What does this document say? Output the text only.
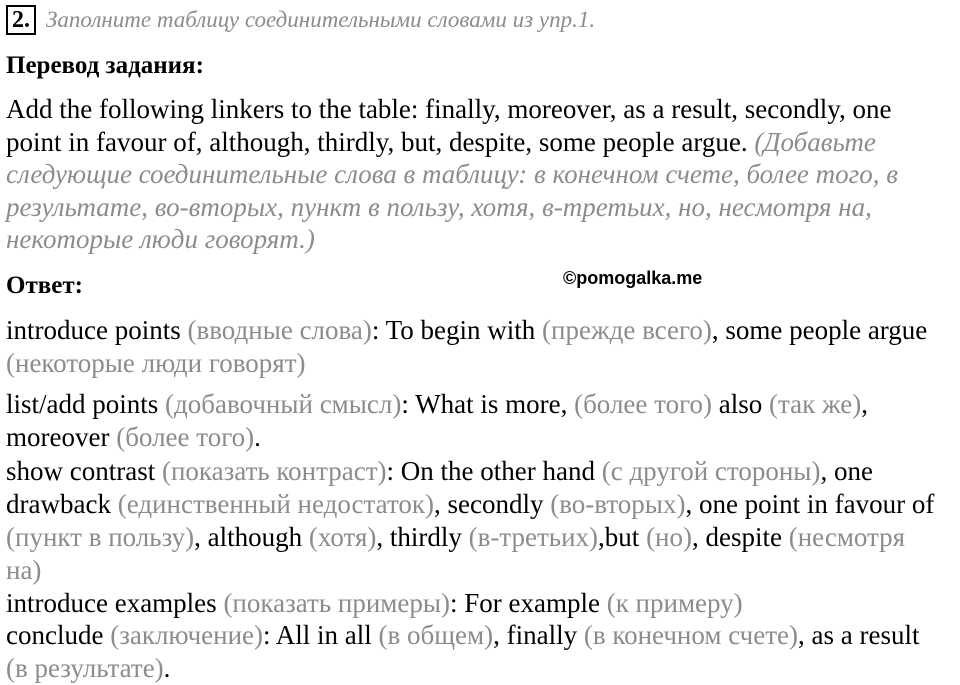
2. Заполните таблицу соединительными словами из упр.1.
Перевод задания:
Add the following linkers to the table: finally, moreover, as a result, secondly, one point in favour of, although, thirdly, but, despite, some people argue. (Добавьте следующие соединительные слова в таблицу: в конечном счете, более того, в результате, во-вторых, пункт в пользу, хотя, в-третьих, но, несмотря на, некоторые люди говорят.)
Ответ:	©pomogalka.me
introduce points (вводные слова): To begin with (прежде всего), some people argue (некоторые люди говорят)
list/add points (добавочный смысл): What is more, (более того) also (так же), moreover (более того).
show contrast (показать контраст): On the other hand (с другой стороны), one drawback (единственный недостаток), secondly (во-вторых), one point in favour of (пункт в пользу), although (хотя), thirdly (в-третьих),but (но), despite (несмотря на)
introduce examples (показать примеры): For example (к примеру)
conclude (заключение): All in all (в общем), finally (в конечном счете), as a result (в результате).
